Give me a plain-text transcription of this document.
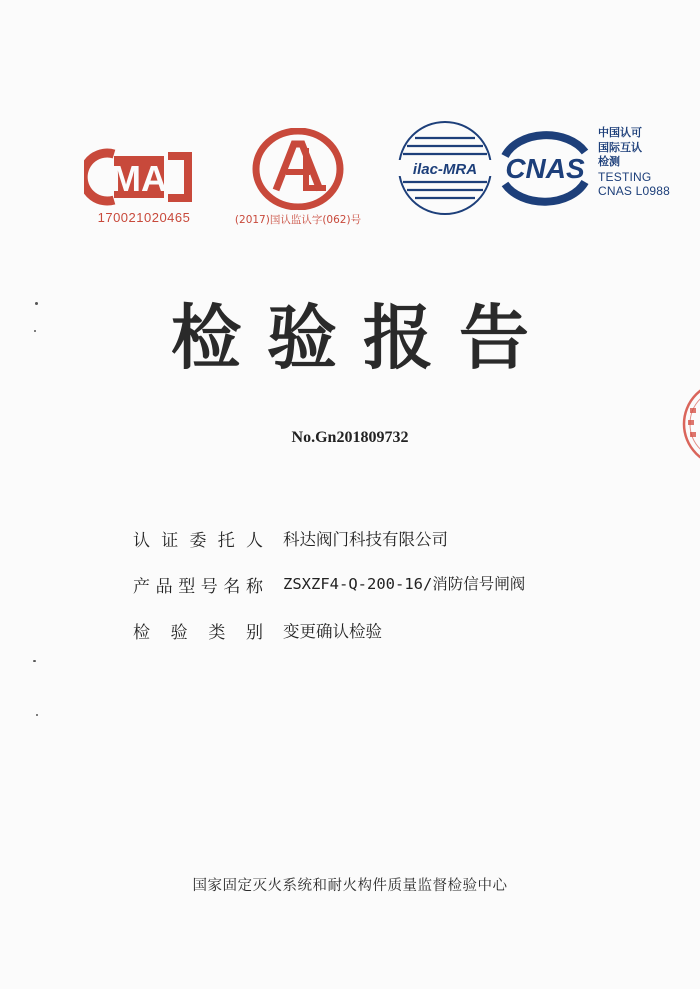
MA
170021020465	(2017)国认监认字(062)号
ilac-MRA CNAS
中国认可
国际互认
检测
TESTING
CNAS L0988
检验报告
No.Gn201809732
认 证 委 托 人 科达阀门科技有限公司
产 品 型 号 名 称 ZSXZF4-Q-200-16/消防信号闸阀
检 验 类 别 变更确认检验
国家固定灭火系统和耐火构件质量监督检验中心
